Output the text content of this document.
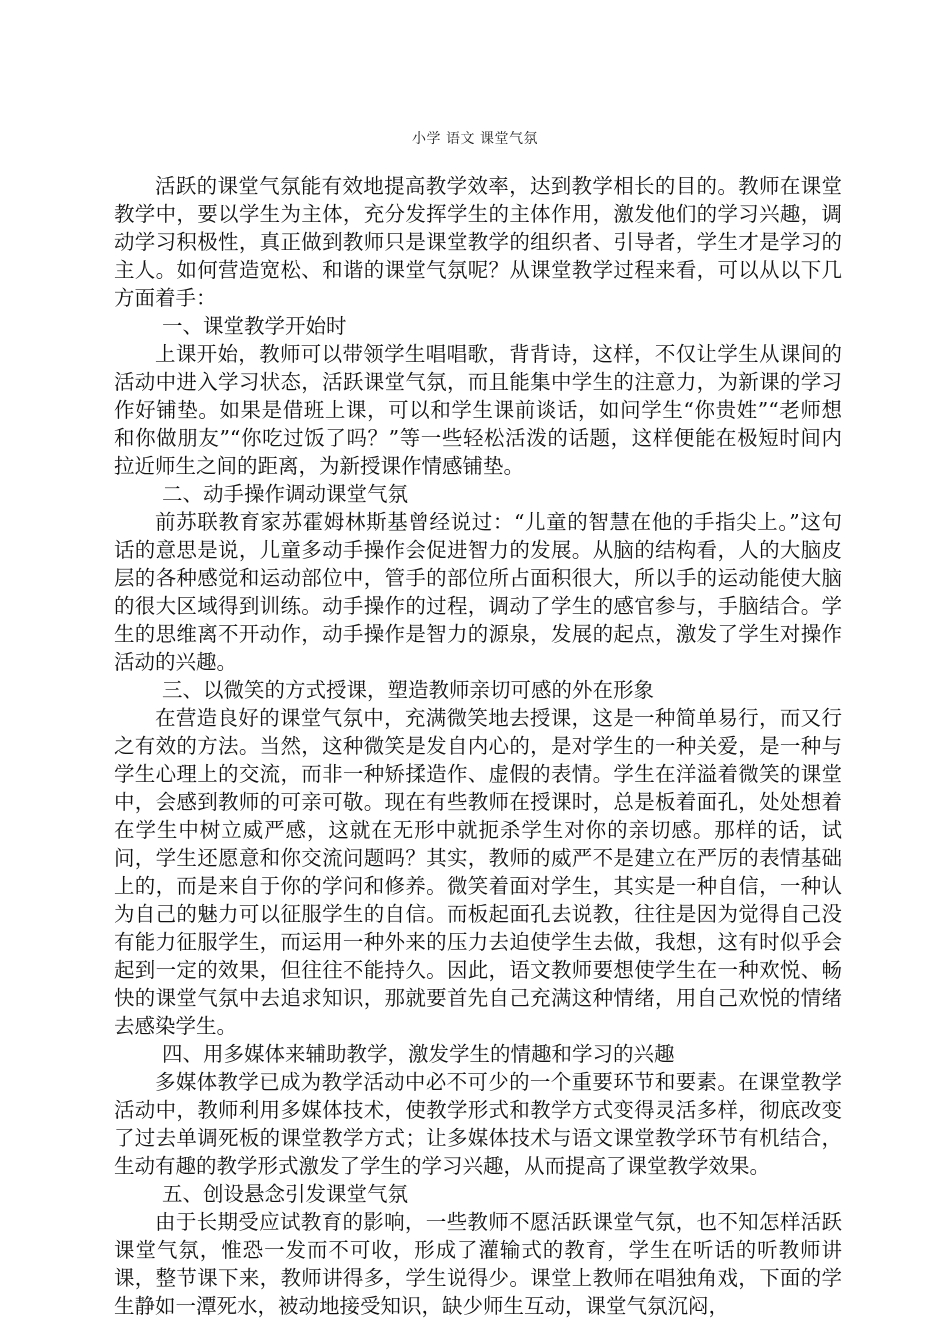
小学 语文 课堂气氛

活跃的课堂气氛能有效地提高教学效率，达到教学相长的目的。教师在课堂教学中，要以学生为主体，充分发挥学生的主体作用，激发他们的学习兴趣，调动学习积极性，真正做到教师只是课堂教学的组织者、引导者，学生才是学习的主人。如何营造宽松、和谐的课堂气氛呢？从课堂教学过程来看，可以从以下几方面着手：

一、课堂教学开始时

上课开始，教师可以带领学生唱唱歌，背背诗，这样，不仅让学生从课间的活动中进入学习状态，活跃课堂气氛，而且能集中学生的注意力，为新课的学习作好铺垫。如果是借班上课，可以和学生课前谈话，如问学生“你贵姓”“老师想和你做朋友”“你吃过饭了吗？”等一些轻松活泼的话题，这样便能在极短时间内拉近师生之间的距离，为新授课作情感铺垫。

二、动手操作调动课堂气氛

前苏联教育家苏霍姆林斯基曾经说过：“儿童的智慧在他的手指尖上。”这句话的意思是说，儿童多动手操作会促进智力的发展。从脑的结构看，人的大脑皮层的各种感觉和运动部位中，管手的部位所占面积很大，所以手的运动能使大脑的很大区域得到训练。动手操作的过程，调动了学生的感官参与，手脑结合。学生的思维离不开动作，动手操作是智力的源泉，发展的起点，激发了学生对操作活动的兴趣。

三、以微笑的方式授课，塑造教师亲切可感的外在形象

在营造良好的课堂气氛中，充满微笑地去授课，这是一种简单易行，而又行之有效的方法。当然，这种微笑是发自内心的，是对学生的一种关爱，是一种与学生心理上的交流，而非一种矫揉造作、虚假的表情。学生在洋溢着微笑的课堂中，会感到教师的可亲可敬。现在有些教师在授课时，总是板着面孔，处处想着在学生中树立威严感，这就在无形中就扼杀学生对你的亲切感。那样的话，试问，学生还愿意和你交流问题吗？其实，教师的威严不是建立在严厉的表情基础上的，而是来自于你的学问和修养。微笑着面对学生，其实是一种自信，一种认为自己的魅力可以征服学生的自信。而板起面孔去说教，往往是因为觉得自己没有能力征服学生，而运用一种外来的压力去迫使学生去做，我想，这有时似乎会起到一定的效果，但往往不能持久。因此，语文教师要想使学生在一种欢悦、畅快的课堂气氛中去追求知识，那就要首先自己充满这种情绪，用自己欢悦的情绪去感染学生。

四、用多媒体来辅助教学，激发学生的情趣和学习的兴趣

多媒体教学已成为教学活动中必不可少的一个重要环节和要素。在课堂教学活动中，教师利用多媒体技术，使教学形式和教学方式变得灵活多样，彻底改变了过去单调死板的课堂教学方式；让多媒体技术与语文课堂教学环节有机结合，生动有趣的教学形式激发了学生的学习兴趣，从而提高了课堂教学效果。

五、创设悬念引发课堂气氛

由于长期受应试教育的影响，一些教师不愿活跃课堂气氛，也不知怎样活跃课堂气氛，惟恐一发而不可收，形成了灌输式的教育，学生在听话的听教师讲课，整节课下来，教师讲得多，学生说得少。课堂上教师在唱独角戏，下面的学生静如一潭死水，被动地接受知识，缺少师生互动，课堂气氛沉闷，
